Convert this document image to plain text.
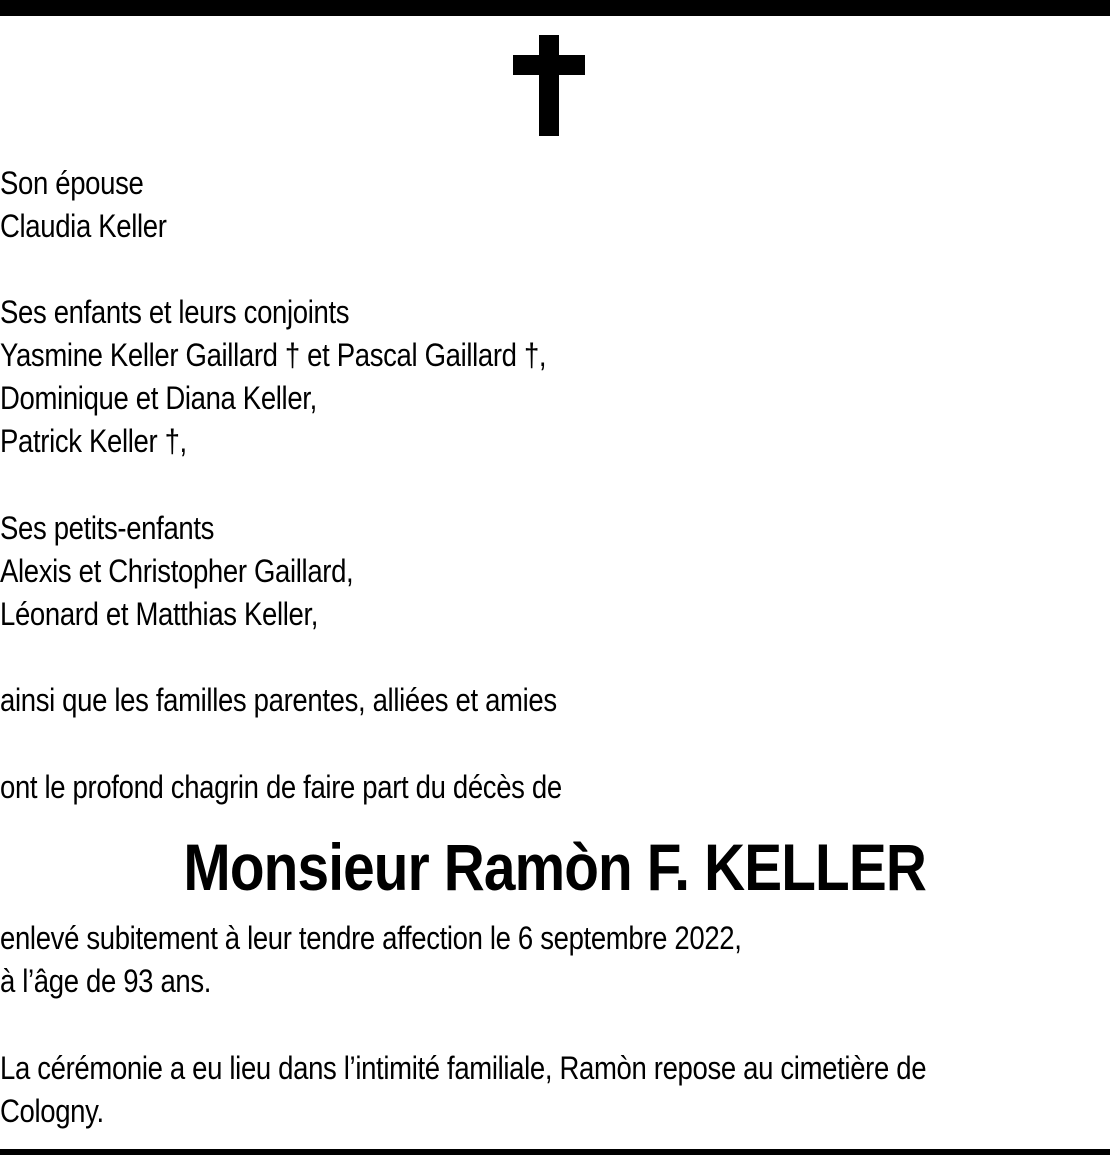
Son épouse
Claudia Keller
Ses enfants et leurs conjoints
Yasmine Keller Gaillard † et Pascal Gaillard †,
Dominique et Diana Keller,
Patrick Keller †,
Ses petits-enfants
Alexis et Christopher Gaillard,
Léonard et Matthias Keller,
ainsi que les familles parentes, alliées et amies
ont le profond chagrin de faire part du décès de
Monsieur Ramòn F. KELLER
enlevé subitement à leur tendre affection le 6 septembre 2022,
à l’âge de 93 ans.
La cérémonie a eu lieu dans l’intimité familiale, Ramòn repose au cimetière de
Cologny.
